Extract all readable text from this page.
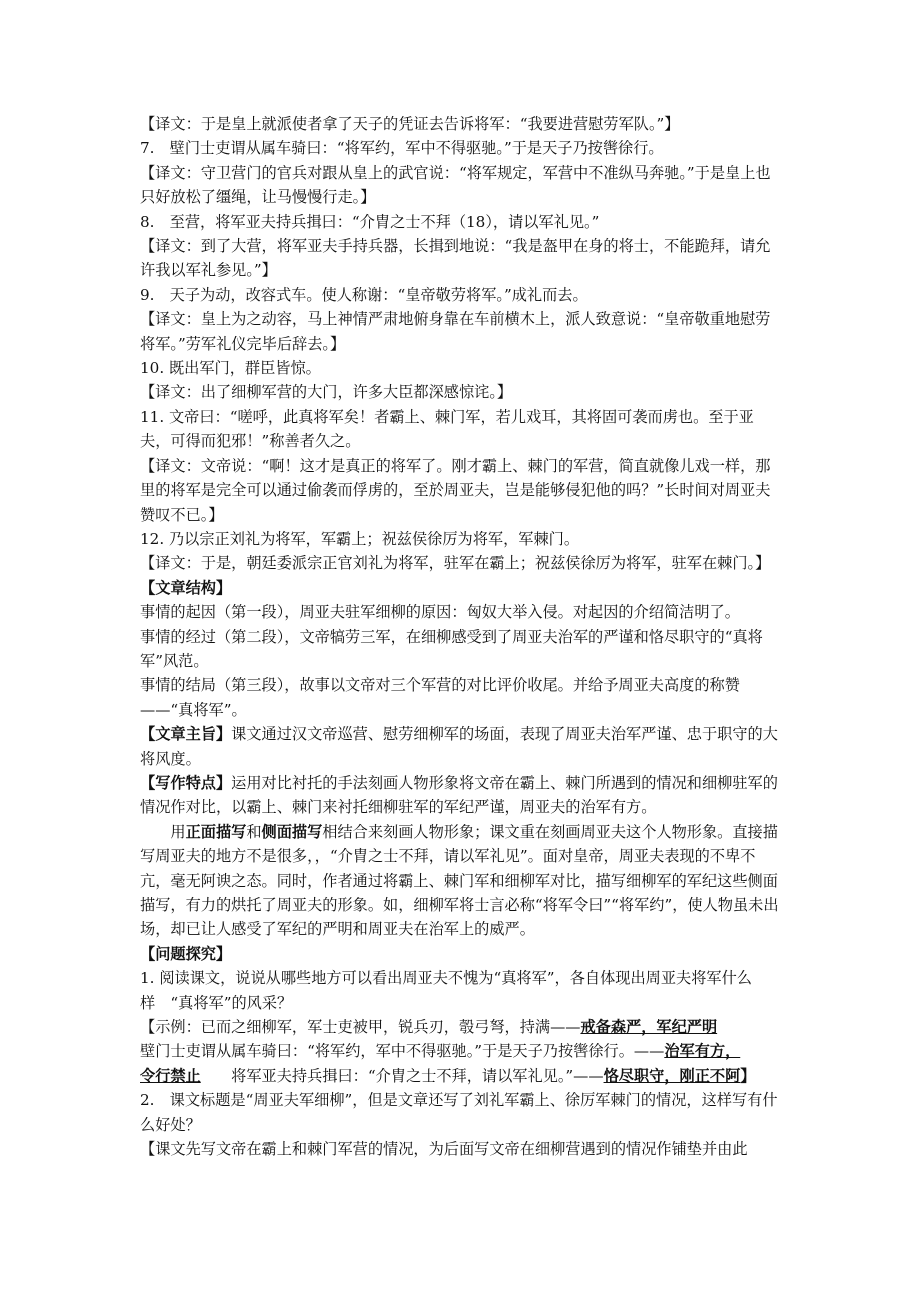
【译文：于是皇上就派使者拿了天子的凭证去告诉将军：“我要进营慰劳军队。”】

7.　壁门士吏谓从属车骑曰：“将军约，军中不得驱驰。”于是天子乃按辔徐行。

【译文：守卫营门的官兵对跟从皇上的武官说：“将军规定，军营中不准纵马奔驰。”于是皇上也只好放松了缰绳，让马慢慢行走。】

8.　至营，将军亚夫持兵揖曰：“介胄之士不拜（18），请以军礼见。”

【译文：到了大营，将军亚夫手持兵器，长揖到地说：“我是盔甲在身的将士，不能跪拜，请允许我以军礼参见。”】

9.　天子为动，改容式车。使人称谢：“皇帝敬劳将军。”成礼而去。

【译文：皇上为之动容，马上神情严肃地俯身靠在车前横木上，派人致意说：“皇帝敬重地慰劳将军。”劳军礼仪完毕后辞去。】

10. 既出军门，群臣皆惊。

【译文：出了细柳军营的大门，许多大臣都深感惊诧。】

11. 文帝曰：“嗟呼，此真将军矣！者霸上、棘门军，若儿戏耳，其将固可袭而虏也。至于亚夫，可得而犯邪！”称善者久之。

【译文：文帝说：“啊！这才是真正的将军了。刚才霸上、棘门的军营，简直就像儿戏一样，那里的将军是完全可以通过偷袭而俘虏的，至於周亚夫，岂是能够侵犯他的吗？”长时间对周亚夫赞叹不已。】

12. 乃以宗正刘礼为将军，军霸上；祝兹侯徐厉为将军，军棘门。

【译文：于是，朝廷委派宗正官刘礼为将军，驻军在霸上；祝兹侯徐厉为将军，驻军在棘门。】

【文章结构】

事情的起因（第一段），周亚夫驻军细柳的原因：匈奴大举入侵。对起因的介绍简洁明了。

事情的经过（第二段），文帝犒劳三军，在细柳感受到了周亚夫治军的严谨和恪尽职守的“真将军”风范。

事情的结局（第三段），故事以文帝对三个军营的对比评价收尾。并给予周亚夫高度的称赞——“真将军”。

【文章主旨】课文通过汉文帝巡营、慰劳细柳军的场面，表现了周亚夫治军严谨、忠于职守的大将风度。

【写作特点】运用对比衬托的手法刻画人物形象将文帝在霸上、棘门所遇到的情况和细柳驻军的情况作对比，以霸上、棘门来衬托细柳驻军的军纪严谨，周亚夫的治军有方。

用正面描写和侧面描写相结合来刻画人物形象；课文重在刻画周亚夫这个人物形象。直接描写周亚夫的地方不是很多，，“介胄之士不拜，请以军礼见”。面对皇帝，周亚夫表现的不卑不亢，毫无阿谀之态。同时，作者通过将霸上、棘门军和细柳军对比，描写细柳军的军纪这些侧面描写，有力的烘托了周亚夫的形象。如，细柳军将士言必称“将军令曰”“将军约”，使人物虽未出场，却已让人感受了军纪的严明和周亚夫在治军上的威严。

【问题探究】

1. 阅读课文，说说从哪些地方可以看出周亚夫不愧为“真将军”，各自体现出周亚夫将军什么样　“真将军”的风采？

【示例：已而之细柳军，军士吏被甲，锐兵刃，彀弓弩，持满——戒备森严，军纪严明

壁门士吏谓从属车骑曰：“将军约，军中不得驱驰。”于是天子乃按辔徐行。——治军有方，

令行禁止　　将军亚夫持兵揖曰：“介胄之士不拜，请以军礼见。”——恪尽职守，刚正不阿】

2.　课文标题是“周亚夫军细柳”，但是文章还写了刘礼军霸上、徐厉军棘门的情况，这样写有什么好处？

【课文先写文帝在霸上和棘门军营的情况，为后面写文帝在细柳营遇到的情况作铺垫并由此
